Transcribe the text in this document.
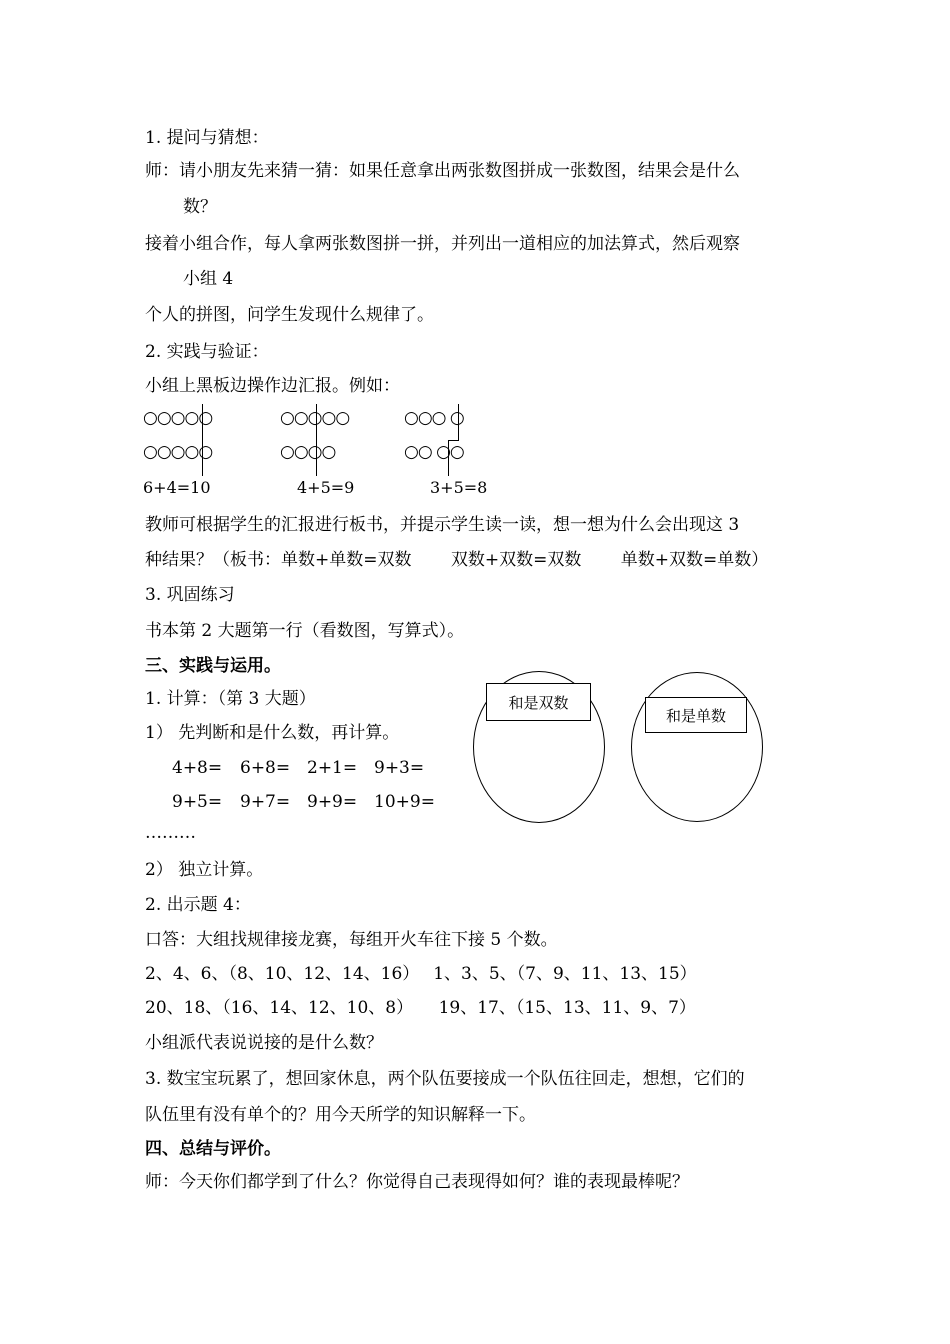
1. 提问与猜想：
师：请小朋友先来猜一猜：如果任意拿出两张数图拼成一张数图，结果会是什么
数？
接着小组合作，每人拿两张数图拼一拼，并列出一道相应的加法算式，然后观察
小组 4
个人的拼图，问学生发现什么规律了。
2. 实践与验证：
小组上黑板边操作边汇报。例如：
○○○○○
○○○○○
6+4=10
○○○○○
○○○○
4+5=9
○○○ ○
○○ ○○
3+5=8
教师可根据学生的汇报进行板书，并提示学生读一读，想一想为什么会出现这 3
种结果？（板书：单数+单数=双数　　 双数+双数=双数　　 单数+双数=单数）
3. 巩固练习
书本第 2 大题第一行（看数图，写算式）。
三、实践与运用。
1. 计算：（第 3 大题）
1） 先判断和是什么数，再计算。
4+8= 6+8= 2+1= 9+3=
9+5= 9+7= 9+9= 10+9=
和是双数
和是单数
………
2） 独立计算。
2. 出示题 4：
口答：大组找规律接龙赛，每组开火车往下接 5 个数。
2、4、6、（8、10、12、14、16）　 1、3、5、（7、9、11、13、15）
20、18、（16、14、12、10、8）　　19、17、（15、13、11、9、7）
小组派代表说说接的是什么数？
3. 数宝宝玩累了，想回家休息，两个队伍要接成一个队伍往回走，想想，它们的
队伍里有没有单个的？用今天所学的知识解释一下。
四、总结与评价。
师：今天你们都学到了什么？你觉得自己表现得如何？谁的表现最棒呢？
